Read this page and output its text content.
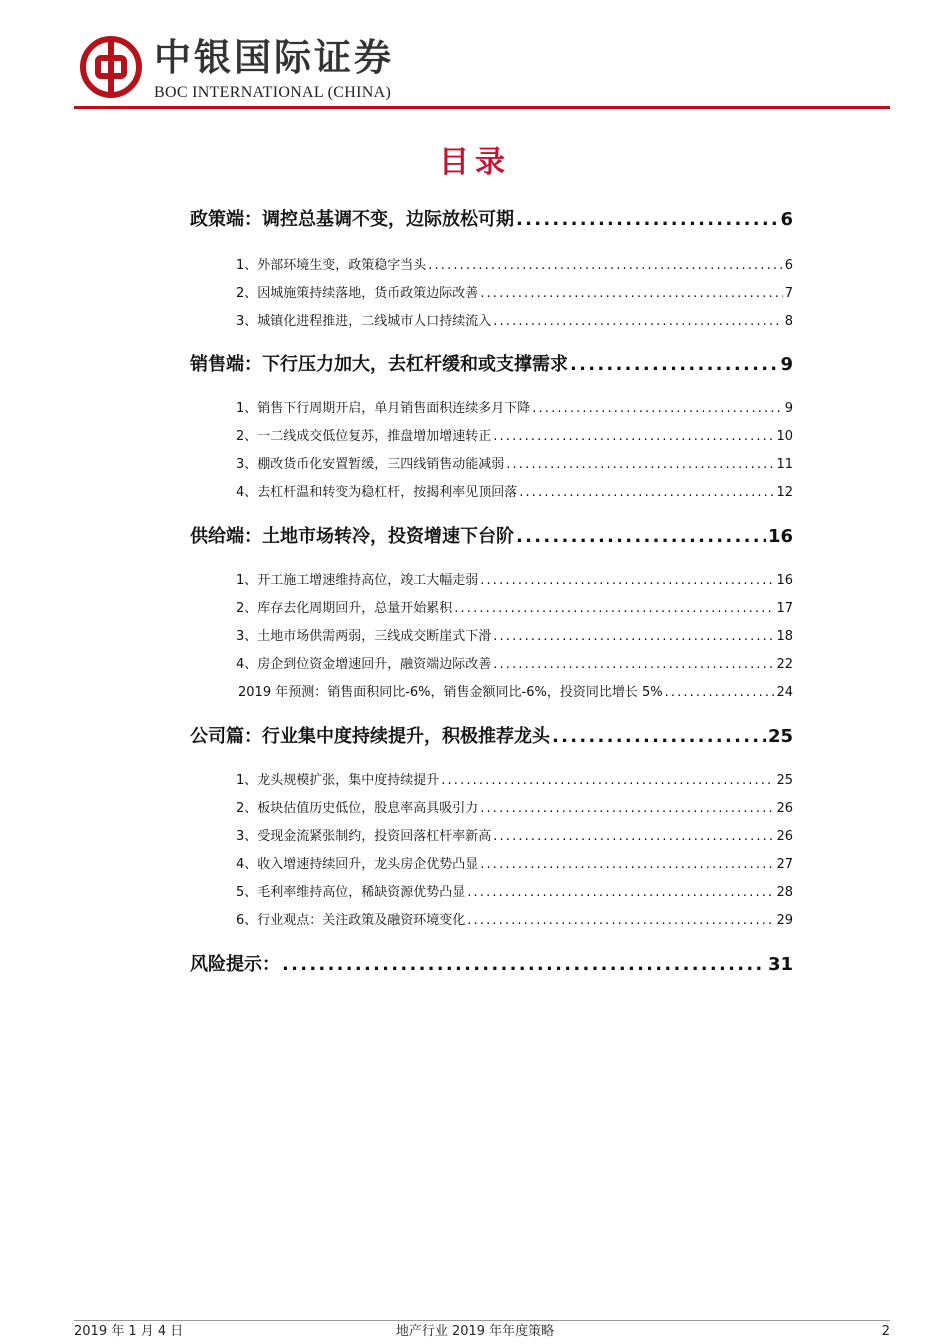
中银国际证券
BOC INTERNATIONAL (CHINA)
目录
政策端：调控总基调不变，边际放松可期 . . .	6
1、外部环境生变，政策稳字当头 . . .	6
2、因城施策持续落地，货币政策边际改善 . . .	7
3、城镇化进程推进，二线城市人口持续流入 . . .	8
销售端：下行压力加大，去杠杆缓和或支撑需求 . . .	9
1、销售下行周期开启，单月销售面积连续多月下降 . . .	9
2、一二线成交低位复苏，推盘增加增速转正 . . .	10
3、棚改货币化安置暂缓，三四线销售动能减弱 . . .	11
4、去杠杆温和转变为稳杠杆，按揭利率见顶回落 . . .	12
供给端：土地市场转冷，投资增速下台阶 . . .	16
1、开工施工增速维持高位，竣工大幅走弱 . . .	16
2、库存去化周期回升，总量开始累积 . . .	17
3、土地市场供需两弱，三线成交断崖式下滑 . . .	18
4、房企到位资金增速回升，融资端边际改善 . . .	22
2019 年预测：销售面积同比-6%，销售金额同比-6%，投资同比增长 5% . . .	24
公司篇：行业集中度持续提升，积极推荐龙头 . . .	25
1、龙头规模扩张，集中度持续提升 . . .	25
2、板块估值历史低位，股息率高具吸引力 . . .	26
3、受现金流紧张制约，投资回落杠杆率新高 . . .	26
4、收入增速持续回升，龙头房企优势凸显 . . .	27
5、毛利率维持高位，稀缺资源优势凸显 . . .	28
6、行业观点：关注政策及融资环境变化 . . .	29
风险提示： . . .	31
2019 年 1 月 4 日	地产行业 2019 年年度策略	2
